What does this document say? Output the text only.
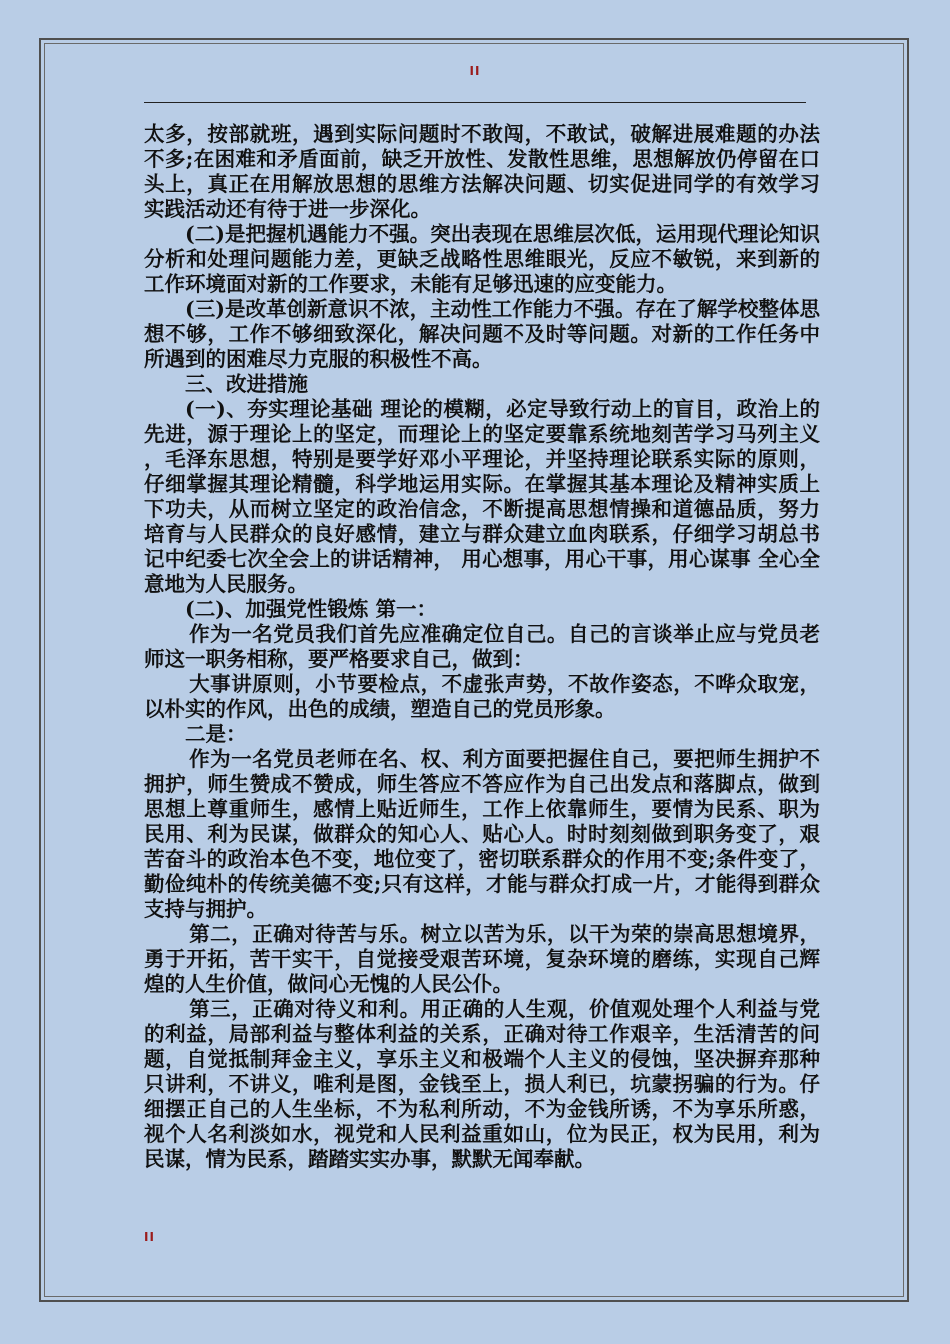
II

太多，按部就班，遇到实际问题时不敢闯，不敢试，破解进展难题的办法不多;在困难和矛盾面前，缺乏开放性、发散性思维，思想解放仍停留在口头上，真正在用解放思想的思维方法解决问题、切实促进同学的有效学习实践活动还有待于进一步深化。

(二)是把握机遇能力不强。突出表现在思维层次低，运用现代理论知识分析和处理问题能力差，更缺乏战略性思维眼光，反应不敏锐，来到新的工作环境面对新的工作要求，未能有足够迅速的应变能力。

(三)是改革创新意识不浓，主动性工作能力不强。存在了解学校整体思想不够，工作不够细致深化，解决问题不及时等问题。对新的工作任务中所遇到的困难尽力克服的积极性不高。

三、改进措施

(一)、夯实理论基础 理论的模糊，必定导致行动上的盲目，政治上的先进，源于理论上的坚定，而理论上的坚定要靠系统地刻苦学习马列主义，毛泽东思想，特别是要学好邓小平理论，并坚持理论联系实际的原则，仔细掌握其理论精髓，科学地运用实际。在掌握其基本理论及精神实质上下功夫，从而树立坚定的政治信念，不断提高思想情操和道德品质，努力培育与人民群众的良好感情，建立与群众建立血肉联系，仔细学习胡总书记中纪委七次全会上的讲话精神， 用心想事，用心干事，用心谋事 全心全意地为人民服务。

(二)、加强党性锻炼 第一：

作为一名党员我们首先应准确定位自己。自己的言谈举止应与党员老师这一职务相称，要严格要求自己，做到：

大事讲原则，小节要检点，不虚张声势，不故作姿态，不哗众取宠，以朴实的作风，出色的成绩，塑造自己的党员形象。

二是：

作为一名党员老师在名、权、利方面要把握住自己，要把师生拥护不拥护，师生赞成不赞成，师生答应不答应作为自己出发点和落脚点，做到思想上尊重师生，感情上贴近师生，工作上依靠师生，要情为民系、职为民用、利为民谋，做群众的知心人、贴心人。时时刻刻做到职务变了，艰苦奋斗的政治本色不变，地位变了，密切联系群众的作用不变;条件变了，勤俭纯朴的传统美德不变;只有这样，才能与群众打成一片，才能得到群众支持与拥护。

第二，正确对待苦与乐。树立以苦为乐，以干为荣的崇高思想境界，勇于开拓，苦干实干，自觉接受艰苦环境，复杂环境的磨练，实现自己辉煌的人生价值，做问心无愧的人民公仆。

第三，正确对待义和利。用正确的人生观，价值观处理个人利益与党的利益，局部利益与整体利益的关系，正确对待工作艰辛，生活清苦的问题，自觉抵制拜金主义，享乐主义和极端个人主义的侵蚀，坚决摒弃那种只讲利，不讲义，唯利是图，金钱至上，损人利已，坑蒙拐骗的行为。仔细摆正自己的人生坐标，不为私利所动，不为金钱所诱，不为享乐所惑，视个人名利淡如水，视党和人民利益重如山，位为民正，权为民用，利为民谋，情为民系，踏踏实实办事，默默无闻奉献。

II
